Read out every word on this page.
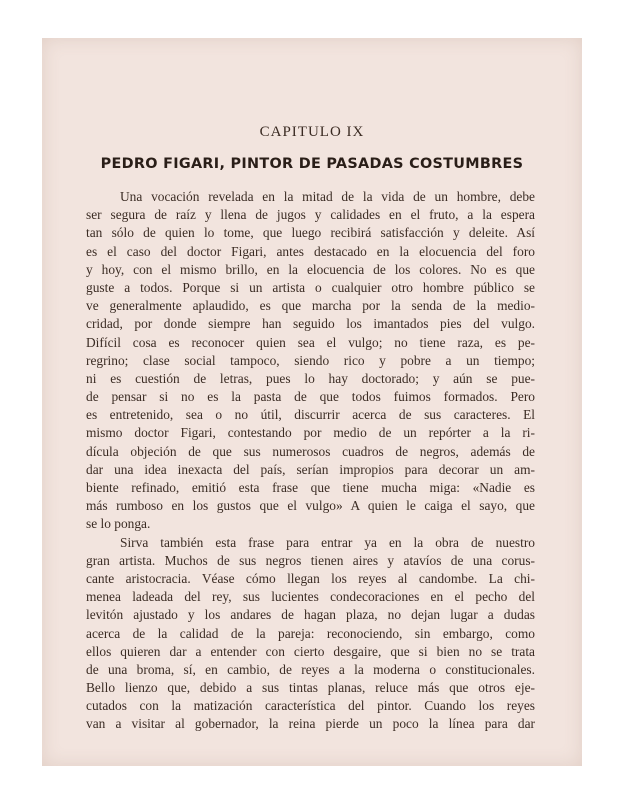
CAPITULO IX
PEDRO FIGARI, PINTOR DE PASADAS COSTUMBRES
Una vocación revelada en la mitad de la vida de un hombre, debe
ser segura de raíz y llena de jugos y calidades en el fruto, a la espera
tan sólo de quien lo tome, que luego recibirá satisfacción y deleite. Así
es el caso del doctor Figari, antes destacado en la elocuencia del foro
y hoy, con el mismo brillo, en la elocuencia de los colores. No es que
guste a todos. Porque si un artista o cualquier otro hombre público se
ve generalmente aplaudido, es que marcha por la senda de la medio-
cridad, por donde siempre han seguido los imantados pies del vulgo.
Difícil cosa es reconocer quien sea el vulgo; no tiene raza, es pe-
regrino; clase social tampoco, siendo rico y pobre a un tiempo;
ni es cuestión de letras, pues lo hay doctorado; y aún se pue-
de pensar si no es la pasta de que todos fuimos formados. Pero
es entretenido, sea o no útil, discurrir acerca de sus caracteres. El
mismo doctor Figari, contestando por medio de un repórter a la ri-
dícula objeción de que sus numerosos cuadros de negros, además de
dar una idea inexacta del país, serían impropios para decorar un am-
biente refinado, emitió esta frase que tiene mucha miga: «Nadie es
más rumboso en los gustos que el vulgo» A quien le caiga el sayo, que
se lo ponga.
Sirva también esta frase para entrar ya en la obra de nuestro
gran artista. Muchos de sus negros tienen aires y atavíos de una corus-
cante aristocracia. Véase cómo llegan los reyes al candombe. La chi-
menea ladeada del rey, sus lucientes condecoraciones en el pecho del
levitón ajustado y los andares de hagan plaza, no dejan lugar a dudas
acerca de la calidad de la pareja: reconociendo, sin embargo, como
ellos quieren dar a entender con cierto desgaire, que si bien no se trata
de una broma, sí, en cambio, de reyes a la moderna o constitucionales.
Bello lienzo que, debido a sus tintas planas, reluce más que otros eje-
cutados con la matización característica del pintor. Cuando los reyes
van a visitar al gobernador, la reina pierde un poco la línea para dar
